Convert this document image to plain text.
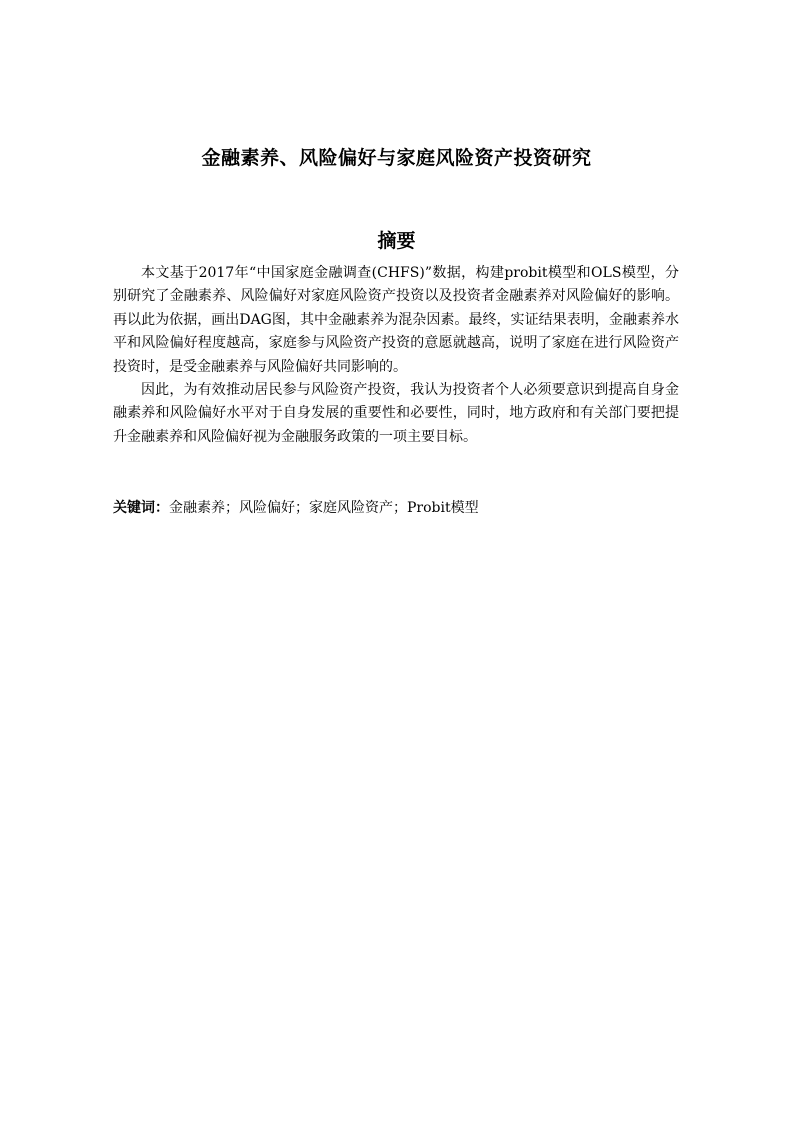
金融素养、风险偏好与家庭风险资产投资研究
摘要

本文基于2017年“中国家庭金融调查(CHFS)”数据，构建probit模型和OLS模型，分别研究了金融素养、风险偏好对家庭风险资产投资以及投资者金融素养对风险偏好的影响。再以此为依据，画出DAG图，其中金融素养为混杂因素。最终，实证结果表明，金融素养水平和风险偏好程度越高，家庭参与风险资产投资的意愿就越高，说明了家庭在进行风险资产投资时，是受金融素养与风险偏好共同影响的。

因此，为有效推动居民参与风险资产投资，我认为投资者个人必须要意识到提高自身金融素养和风险偏好水平对于自身发展的重要性和必要性，同时，地方政府和有关部门要把提升金融素养和风险偏好视为金融服务政策的一项主要目标。

关键词：金融素养；风险偏好；家庭风险资产；Probit模型
